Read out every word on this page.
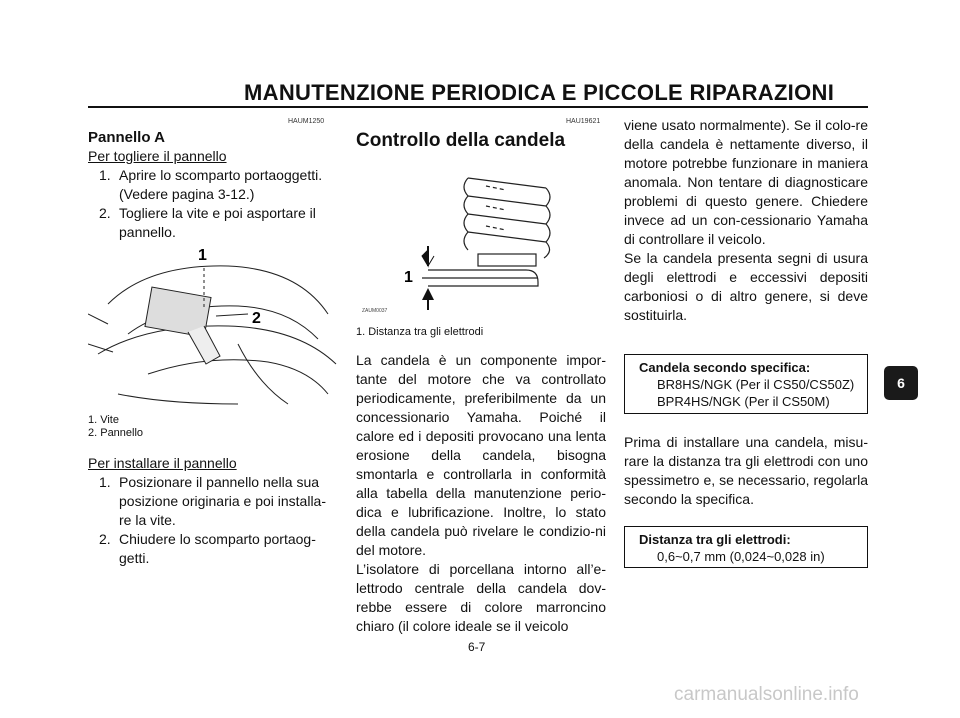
MANUTENZIONE PERIODICA E PICCOLE RIPARAZIONI
HAUM1250
Pannello A
Per togliere il pannello
1. Aprire lo scomparto portaoggetti. (Vedere pagina 3-12.)
2. Togliere la vite e poi asportare il pannello.
1
2
1. Vite
2. Pannello
Per installare il pannello
1. Posizionare il pannello nella sua posizione originaria e poi installa-re la vite.
2. Chiudere lo scomparto portaog-getti.
HAU19621
Controllo della candela
1
ZAUM0037
1. Distanza tra gli elettrodi
La candela è un componente impor-tante del motore che va controllato periodicamente, preferibilmente da un concessionario Yamaha. Poiché il calore ed i depositi provocano una lenta erosione della candela, bisogna smontarla e controllarla in conformità alla tabella della manutenzione perio-dica e lubrificazione. Inoltre, lo stato della candela può rivelare le condizio-ni del motore.
L’isolatore di porcellana intorno all’e-lettrodo centrale della candela dov-rebbe essere di colore marroncino chiaro (il colore ideale se il veicolo
viene usato normalmente). Se il colo-re della candela è nettamente diverso, il motore potrebbe funzionare in maniera anomala. Non tentare di diagnosticare problemi di questo genere. Chiedere invece ad un con-cessionario Yamaha di controllare il veicolo.
Se la candela presenta segni di usura degli elettrodi e eccessivi depositi carboniosi o di altro genere, si deve sostituirla.
Candela secondo specifica:
BR8HS/NGK (Per il CS50/CS50Z)
BPR4HS/NGK (Per il CS50M)
Prima di installare una candela, misu-rare la distanza tra gli elettrodi con uno spessimetro e, se necessario, regolarla secondo la specifica.
Distanza tra gli elettrodi:
0,6~0,7 mm (0,024~0,028 in)
6
6-7
carmanualsonline.info
